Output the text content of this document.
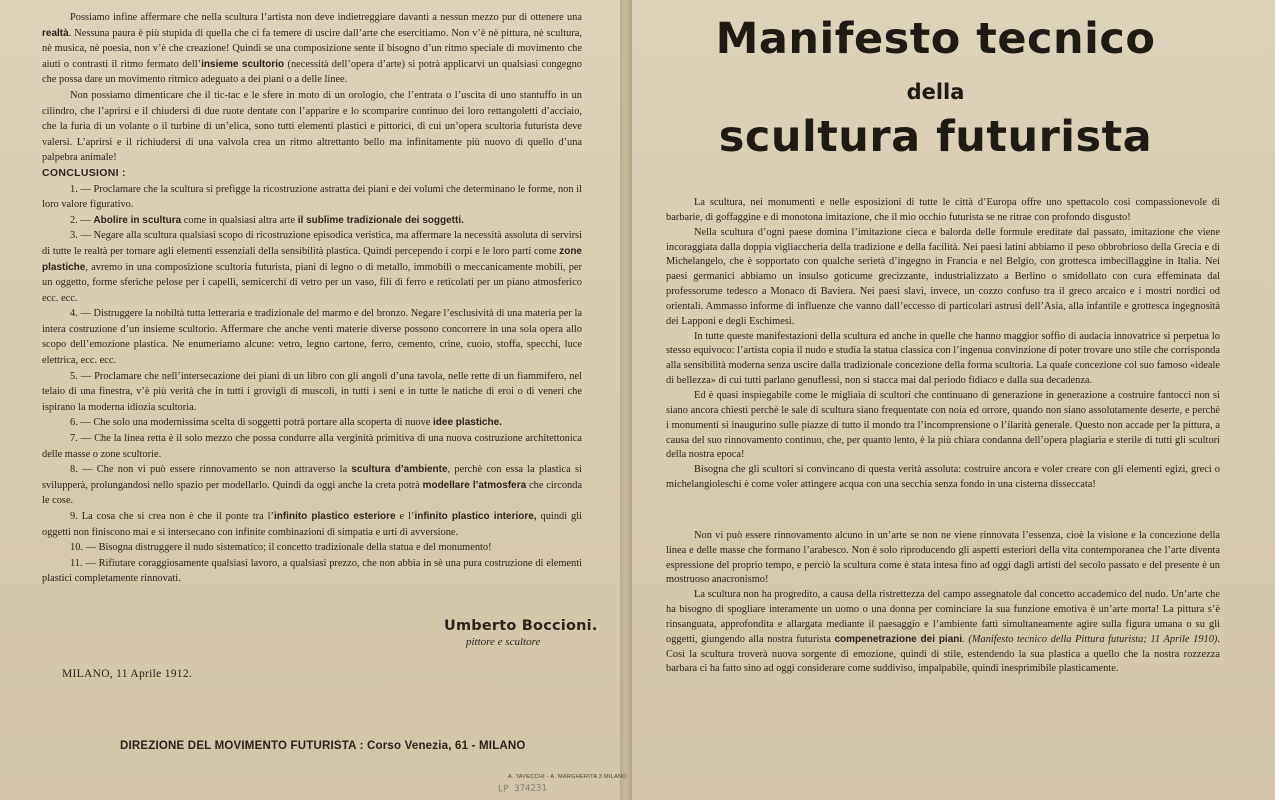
Possiamo infine affermare che nella scultura l’artista non deve indietreggiare davanti a nessun mezzo pur di ottenere una realtà. Nessuna paura è più stupida di quella che ci fa temere di uscire dall’arte che esercitiamo. Non v’è nè pittura, nè scultura, nè musica, nè poesia, non v’è che creazione! Quindi se una composizione sente il bisogno d’un ritmo speciale di movimento che aiuti o contrasti il ritmo fermato dell’insieme scultorio (necessità dell’opera d’arte) si potrà applicarvi un qualsiasi congegno che possa dare un movimento ritmico adeguato a dei piani o a delle linee.

Non possiamo dimenticare che il tic-tac e le sfere in moto di un orologio, che l’entrata o l’uscita di uno stantuffo in un cilindro, che l’aprirsi e il chiudersi di due ruote dentate con l’apparire e lo scomparire continuo dei loro rettangoletti d’acciaio, che la furia di un volante o il turbine di un’elica, sono tutti elementi plastici e pittorici, di cui un’opera scultoria futurista deve valersi. L’aprirsi e il richiudersi di una valvola crea un ritmo altrettanto bello ma infinitamente più nuovo di quello d’una palpebra animale!

CONCLUSIONI :

1. — Proclamare che la scultura si prefigge la ricostruzione astratta dei piani e dei volumi che determinano le forme, non il loro valore figurativo.
2. — Abolire in scultura come in qualsiasi altra arte il sublime tradizionale dei soggetti.
3. — Negare alla scultura qualsiasi scopo di ricostruzione episodica veristica, ma affermare la necessità assoluta di servirsi di tutte le realtà per tornare agli elementi essenziali della sensibilità plastica. Quindi percependo i corpi e le loro parti come zone plastiche, avremo in una composizione scultoria futurista, piani di legno o di metallo, immobili o meccanicamente mobili, per un oggetto, forme sferiche pelose per i capelli, semicerchi di vetro per un vaso, fili di ferro e reticolati per un piano atmosferico ecc. ecc.
4. — Distruggere la nobiltà tutta letteraria e tradizionale del marmo e del bronzo. Negare l’esclusività di una materia per la intera costruzione d’un insieme scultorio. Affermare che anche venti materie diverse possono concorrere in una sola opera allo scopo dell’emozione plastica. Ne enumeriamo alcune: vetro, legno cartone, ferro, cemento, crine, cuoio, stoffa, specchi, luce elettrica, ecc. ecc.
5. — Proclamare che nell’intersecazione dei piani di un libro con gli angoli d’una tavola, nelle rette di un fiammifero, nel telaio di una finestra, v’è più verità che in tutti i grovigli di muscoli, in tutti i seni e in tutte le natiche di eroi o di veneri che ispirano la moderna idiozia scultoria.
6. — Che solo una modernissima scelta di soggetti potrà portare alla scoperta di nuove idee plastiche.
7. — Che la linea retta è il solo mezzo che possa condurre alla verginità primitiva di una nuova costruzione architettonica delle masse o zone scultorie.
8. — Che non vi può essere rinnovamento se non attraverso la scultura d’ambiente, perchè con essa la plastica si svilupperà, prolungandosi nello spazio per modellarlo. Quindi da oggi anche la creta potrà modellare l’atmosfera che circonda le cose.
9. La cosa che si crea non è che il ponte tra l’infinito plastico esteriore e l’infinito plastico interiore, quindi gli oggetti non finiscono mai e si intersecano con infinite combinazioni di simpatia e urti di avversione.
10. — Bisogna distruggere il nudo sistematico; il concetto tradizionale della statua e del monumento!
11. — Rifiutare coraggiosamente qualsiasi lavoro, a qualsiasi prezzo, che non abbia in sè una pura costruzione di elementi plastici completamente rinnovati.
Umberto Boccioni.
pittore e scultore
MILANO, 11 Aprile 1912.
DIREZIONE DEL MOVIMENTO FUTURISTA : Corso Venezia, 61 - MILANO
A. TAVECCHI - A. MARGHERITA 3 MILANO
LP 374231
Manifesto tecnico
della
scultura futurista

La scultura, nei monumenti e nelle esposizioni di tutte le città d’Europa offre uno spettacolo così compassionevole di barbarie, di goffaggine e di monotona imitazione, che il mio occhio futurista se ne ritrae con profondo disgusto!

Nella scultura d’ogni paese domina l’imitazione cieca e balorda delle formule ereditate dal passato, imitazione che viene incoraggiata dalla doppia vigliaccheria della tradizione e della facilità. Nei paesi latini abbiamo il peso obbrobrioso della Grecia e di Michelangelo, che è sopportato con qualche serietà d’ingegno in Francia e nel Belgio, con grottesca imbecillaggine in Italia. Nei paesi germanici abbiamo un insulso goticume grecizzante, industrializzato a Berlino o smidollato con cura effeminata dal professorume tedesco a Monaco di Baviera. Nei paesi slavi, invece, un cozzo confuso tra il greco arcaico e i mostri nordici od orientali. Ammasso informe di influenze che vanno dall’eccesso di particolari astrusi dell’Asia, alla infantile e grottesca ingegnosità dei Lapponi e degli Eschimesi.

In tutte queste manifestazioni della scultura ed anche in quelle che hanno maggior soffio di audacia innovatrice si perpetua lo stesso equivoco: l’artista copia il nudo e studia la statua classica con l’ingenua convinzione di poter trovare uno stile che corrisponda alla sensibilità moderna senza uscire dalla tradizionale concezione della forma scultoria. La quale concezione col suo famoso «ideale di bellezza» di cui tutti parlano genuflessi, non si stacca mai dal periodo fidiaco e dalla sua decadenza.

Ed è quasi inspiegabile come le migliaia di scultori che continuano di generazione in generazione a costruire fantocci non si siano ancora chiesti perchè le sale di scultura siano frequentate con noia ed orrore, quando non siano assolutamente deserte, e perchè i monumenti si inaugurino sulle piazze di tutto il mondo tra l’incomprensione o l’ilarità generale. Questo non accade per la pittura, a causa del suo rinnovamento continuo, che, per quanto lento, è la più chiara condanna dell’opera plagiaria e sterile di tutti gli scultori della nostra epoca!

Bisogna che gli scultori si convincano di questa verità assoluta: costruire ancora e voler creare con gli elementi egizi, greci o michelangioleschi è come voler attingere acqua con una secchia senza fondo in una cisterna disseccata!

Non vi può essere rinnovamento alcuno in un’arte se non ne viene rinnovata l’essenza, cioè la visione e la concezione della linea e delle masse che formano l’arabesco. Non è solo riproducendo gli aspetti esteriori della vita contemporanea che l’arte diventa espressione del proprio tempo, e perciò la scultura come è stata intesa fino ad oggi dagli artisti del secolo passato e del presente è un mostruoso anacronismo!

La scultura non ha progredito, a causa della ristrettezza del campo assegnatole dal concetto accademico del nudo. Un’arte che ha bisogno di spogliare interamente un uomo o una donna per cominciare la sua funzione emotiva è un’arte morta! La pittura s’è rinsanguata, approfondita e allargata mediante il paesaggio e l’ambiente fatti simultaneamente agire sulla figura umana o su gli oggetti, giungendo alla nostra futurista compenetrazione dei piani. (Manifesto tecnico della Pittura futurista; 11 Aprile 1910). Così la scultura troverà nuova sorgente di emozione, quindi di stile, estendendo la sua plastica a quello che la nostra rozzezza barbara ci ha fatto sino ad oggi considerare come suddiviso, impalpabile, quindi inesprimibile plasticamente.
